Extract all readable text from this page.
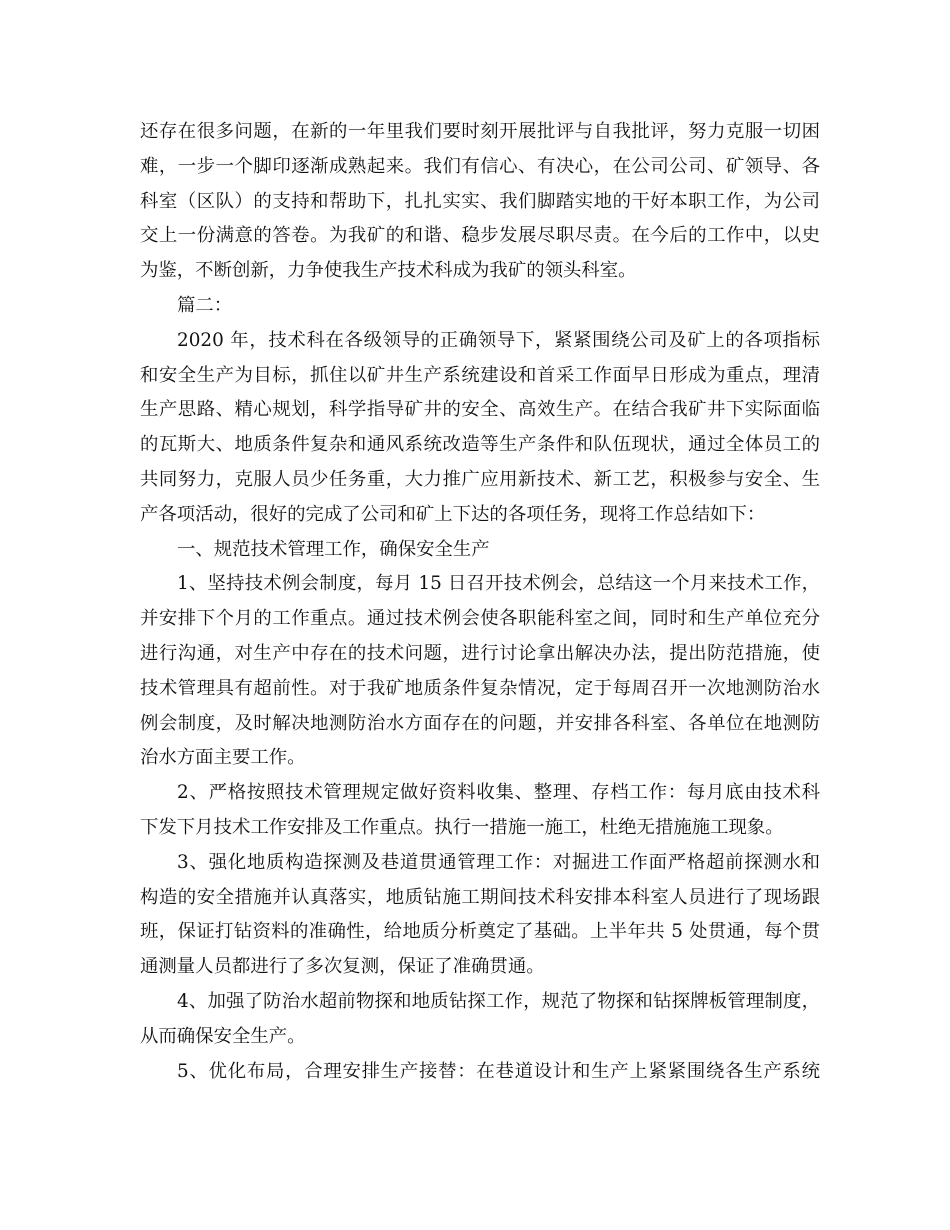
还存在很多问题，在新的一年里我们要时刻开展批评与自我批评，努力克服一切困
难，一步一个脚印逐渐成熟起来。我们有信心、有决心，在公司公司、矿领导、各
科室（区队）的支持和帮助下，扎扎实实、我们脚踏实地的干好本职工作，为公司
交上一份满意的答卷。为我矿的和谐、稳步发展尽职尽责。在今后的工作中，以史
为鉴，不断创新，力争使我生产技术科成为我矿的领头科室。
篇二：
2020 年，技术科在各级领导的正确领导下，紧紧围绕公司及矿上的各项指标
和安全生产为目标，抓住以矿井生产系统建设和首采工作面早日形成为重点，理清
生产思路、精心规划，科学指导矿井的安全、高效生产。在结合我矿井下实际面临
的瓦斯大、地质条件复杂和通风系统改造等生产条件和队伍现状，通过全体员工的
共同努力，克服人员少任务重，大力推广应用新技术、新工艺，积极参与安全、生
产各项活动，很好的完成了公司和矿上下达的各项任务，现将工作总结如下：
一、规范技术管理工作，确保安全生产
1、坚持技术例会制度，每月 15 日召开技术例会，总结这一个月来技术工作，
并安排下个月的工作重点。通过技术例会使各职能科室之间，同时和生产单位充分
进行沟通，对生产中存在的技术问题，进行讨论拿出解决办法，提出防范措施，使
技术管理具有超前性。对于我矿地质条件复杂情况，定于每周召开一次地测防治水
例会制度，及时解决地测防治水方面存在的问题，并安排各科室、各单位在地测防
治水方面主要工作。
2、严格按照技术管理规定做好资料收集、整理、存档工作：每月底由技术科
下发下月技术工作安排及工作重点。执行一措施一施工，杜绝无措施施工现象。
3、强化地质构造探测及巷道贯通管理工作：对掘进工作面严格超前探测水和
构造的安全措施并认真落实，地质钻施工期间技术科安排本科室人员进行了现场跟
班，保证打钻资料的准确性，给地质分析奠定了基础。上半年共 5 处贯通，每个贯
通测量人员都进行了多次复测，保证了准确贯通。
4、加强了防治水超前物探和地质钻探工作，规范了物探和钻探牌板管理制度，
从而确保安全生产。
5、优化布局，合理安排生产接替：在巷道设计和生产上紧紧围绕各生产系统
